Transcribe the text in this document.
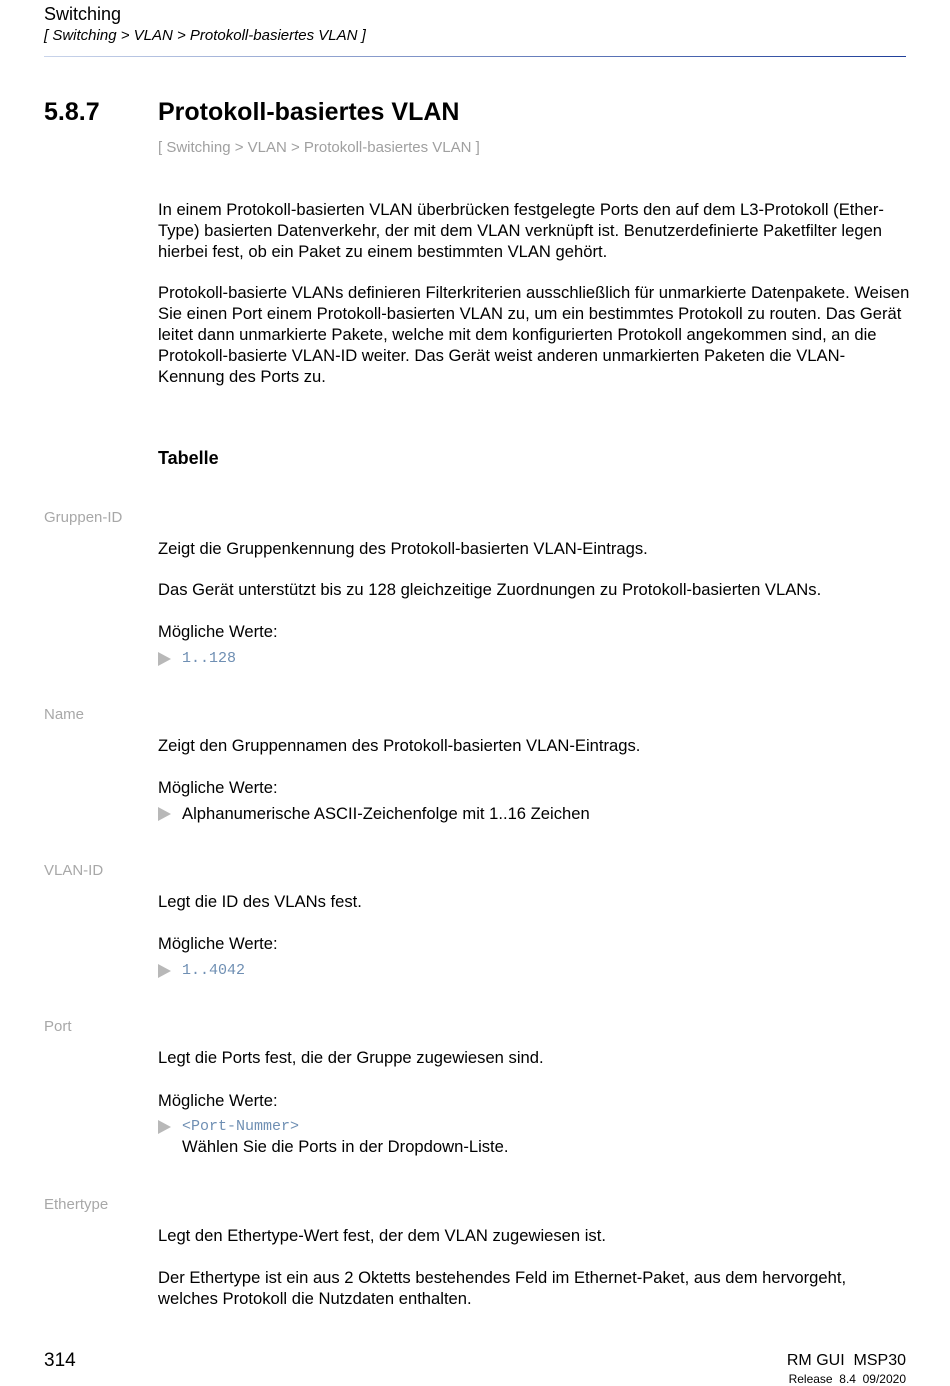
Switching
[ Switching > VLAN > Protokoll-basiertes VLAN ]
5.8.7 Protokoll-basiertes VLAN
[ Switching > VLAN > Protokoll-basiertes VLAN ]

In einem Protokoll-basierten VLAN überbrücken festgelegte Ports den auf dem L3-Protokoll (Ether-Type) basierten Datenverkehr, der mit dem VLAN verknüpft ist. Benutzerdefinierte Paketfilter legen hierbei fest, ob ein Paket zu einem bestimmten VLAN gehört.

Protokoll-basierte VLANs definieren Filterkriterien ausschließlich für unmarkierte Datenpakete. Weisen Sie einen Port einem Protokoll-basierten VLAN zu, um ein bestimmtes Protokoll zu routen. Das Gerät leitet dann unmarkierte Pakete, welche mit dem konfigurierten Protokoll angekommen sind, an die Protokoll-basierte VLAN-ID weiter. Das Gerät weist anderen unmarkierten Paketen die VLAN-Kennung des Ports zu.

Tabelle
Gruppen-ID
Zeigt die Gruppenkennung des Protokoll-basierten VLAN-Eintrags.
Das Gerät unterstützt bis zu 128 gleichzeitige Zuordnungen zu Protokoll-basierten VLANs.
Mögliche Werte:
1..128
Name
Zeigt den Gruppennamen des Protokoll-basierten VLAN-Eintrags.
Mögliche Werte:
Alphanumerische ASCII-Zeichenfolge mit 1..16 Zeichen
VLAN-ID
Legt die ID des VLANs fest.
Mögliche Werte:
1..4042
Port
Legt die Ports fest, die der Gruppe zugewiesen sind.
Mögliche Werte:
<Port-Nummer>
Wählen Sie die Ports in der Dropdown-Liste.
Ethertype
Legt den Ethertype-Wert fest, der dem VLAN zugewiesen ist.

Der Ethertype ist ein aus 2 Oktetts bestehendes Feld im Ethernet-Paket, aus dem hervorgeht, welches Protokoll die Nutzdaten enthalten.

314	RM GUI  MSP30
Release  8.4  09/2020
